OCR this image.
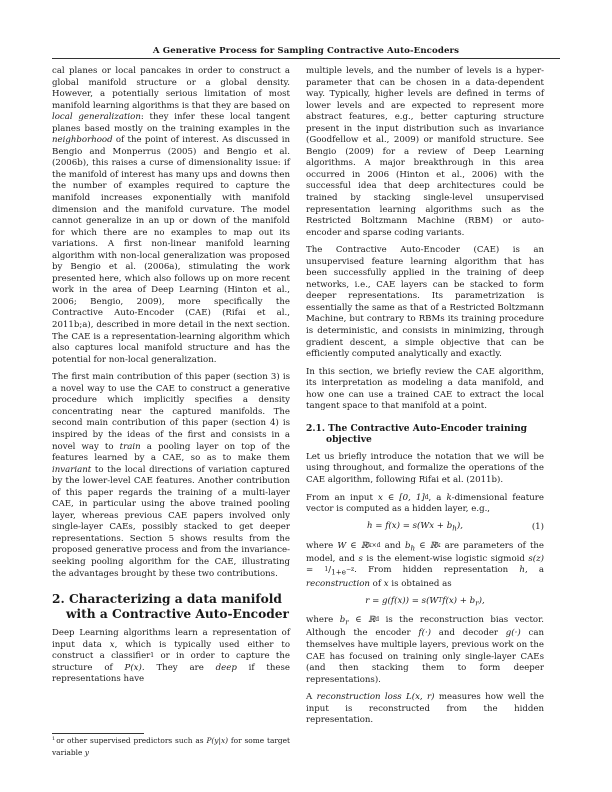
A Generative Process for Sampling Contractive Auto-Encoders

cal planes or local pancakes in order to construct a global manifold structure or a global density. However, a potentially serious limitation of most manifold learning algorithms is that they are based on local generalization: they infer these local tangent planes based mostly on the training examples in the neighborhood of the point of interest. As discussed in Bengio and Monperrus (2005) and Bengio et al. (2006b), this raises a curse of dimensionality issue: if the manifold of interest has many ups and downs then the number of examples required to capture the manifold increases exponentially with manifold dimension and the manifold curvature. The model cannot generalize in an up or down of the manifold for which there are no examples to map out its variations. A first non-linear manifold learning algorithm with non-local generalization was proposed by Bengio et al. (2006a), stimulating the work presented here, which also follows up on more recent work in the area of Deep Learning (Hinton et al., 2006; Bengio, 2009), more specifically the Contractive Auto-Encoder (CAE) (Rifai et al., 2011b;a), described in more detail in the next section. The CAE is a representation-learning algorithm which also captures local manifold structure and has the potential for non-local generalization.

The first main contribution of this paper (section 3) is a novel way to use the CAE to construct a generative procedure which implicitly specifies a density concentrating near the captured manifolds. The second main contribution of this paper (section 4) is inspired by the ideas of the first and consists in a novel way to train a pooling layer on top of the features learned by a CAE, so as to make them invariant to the local directions of variation captured by the lower-level CAE features. Another contribution of this paper regards the training of a multi-layer CAE, in particular using the above trained pooling layer, whereas previous CAE papers involved only single-layer CAEs, possibly stacked to get deeper representations. Section 5 shows results from the proposed generative process and from the invariance-seeking pooling algorithm for the CAE, illustrating the advantages brought by these two contributions.

2. Characterizing a data manifold with a Contractive Auto-Encoder

Deep Learning algorithms learn a representation of input data x, which is typically used either to construct a classifier$^1$ or in order to capture the structure of P(x). They are deep if these representations have

$^1$or other supervised predictors such as P(y|x) for some target variable y

multiple levels, and the number of levels is a hyper-parameter that can be chosen in a data-dependent way. Typically, higher levels are defined in terms of lower levels and are expected to represent more abstract features, e.g., better capturing structure present in the input distribution such as invariance (Goodfellow et al., 2009) or manifold structure. See Bengio (2009) for a review of Deep Learning algorithms. A major breakthrough in this area occurred in 2006 (Hinton et al., 2006) with the successful idea that deep architectures could be trained by stacking single-level unsupervised representation learning algorithms such as the Restricted Boltzmann Machine (RBM) or auto-encoder and sparse coding variants.

The Contractive Auto-Encoder (CAE) is an unsupervised feature learning algorithm that has been successfully applied in the training of deep networks, i.e., CAE layers can be stacked to form deeper representations. Its parametrization is essentially the same as that of a Restricted Boltzmann Machine, but contrary to RBMs its training procedure is deterministic, and consists in minimizing, through gradient descent, a simple objective that can be efficiently computed analytically and exactly.

In this section, we briefly review the CAE algorithm, its interpretation as modeling a data manifold, and how one can use a trained CAE to extract the local tangent space to that manifold at a point.

2.1. The Contractive Auto-Encoder training objective

Let us briefly introduce the notation that we will be using throughout, and formalize the operations of the CAE algorithm, following Rifai et al. (2011b).

From an input x ∈ [0, 1]$^d$, a k-dimensional feature vector is computed as a hidden layer, e.g.,

$h = f(x) = s(Wx + b_h)$,	(1)

where W ∈ ℝ$^{k\times d}$ and $b_h$ ∈ ℝ$^k$ are parameters of the model, and s is the element-wise logistic sigmoid $s(z) = ^1/_{1+e}^{-z}$. From hidden representation h, a reconstruction of x is obtained as

$r = g(f(x)) = s(W^Tf(x) + b_r)$,

where $b_r$ ∈ ℝ$^d$ is the reconstruction bias vector. Although the encoder f(·) and decoder g(·) can themselves have multiple layers, previous work on the CAE has focused on training only single-layer CAEs (and then stacking them to form deeper representations).

A reconstruction loss L(x, r) measures how well the input is reconstructed from the hidden representation.
